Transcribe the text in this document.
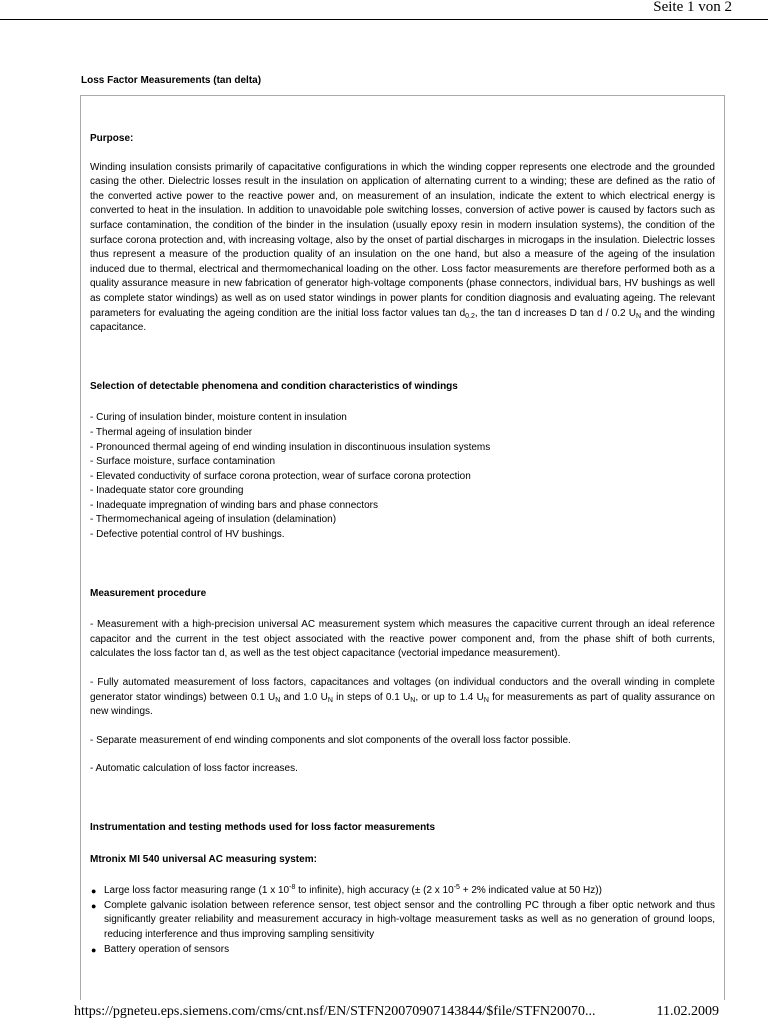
Seite 1 von 2
Loss Factor Measurements (tan delta)

Purpose:

Winding insulation consists primarily of capacitative configurations in which the winding copper represents one electrode and the grounded casing the other. Dielectric losses result in the insulation on application of alternating current to a winding; these are defined as the ratio of the converted active power to the reactive power and, on measurement of an insulation, indicate the extent to which electrical energy is converted to heat in the insulation. In addition to unavoidable pole switching losses, conversion of active power is caused by factors such as surface contamination, the condition of the binder in the insulation (usually epoxy resin in modern insulation systems), the condition of the surface corona protection and, with increasing voltage, also by the onset of partial discharges in microgaps in the insulation. Dielectric losses thus represent a measure of the production quality of an insulation on the one hand, but also a measure of the ageing of the insulation induced due to thermal, electrical and thermomechanical loading on the other. Loss factor measurements are therefore performed both as a quality assurance measure in new fabrication of generator high-voltage components (phase connectors, individual bars, HV bushings as well as complete stator windings) as well as on used stator windings in power plants for condition diagnosis and evaluating ageing. The relevant parameters for evaluating the ageing condition are the initial loss factor values $\tan d_{0.2}$, the tan d increases D tan d / 0.2 $U_N$ and the winding capacitance.

Selection of detectable phenomena and condition characteristics of windings

- Curing of insulation binder, moisture content in insulation
- Thermal ageing of insulation binder
- Pronounced thermal ageing of end winding insulation in discontinuous insulation systems
- Surface moisture, surface contamination
- Elevated conductivity of surface corona protection, wear of surface corona protection
- Inadequate stator core grounding
- Inadequate impregnation of winding bars and phase connectors
- Thermomechanical ageing of insulation (delamination)
- Defective potential control of HV bushings.

Measurement procedure

- Measurement with a high-precision universal AC measurement system which measures the capacitive current through an ideal reference capacitor and the current in the test object associated with the reactive power component and, from the phase shift of both currents, calculates the loss factor tan d, as well as the test object capacitance (vectorial impedance measurement).

- Fully automated measurement of loss factors, capacitances and voltages (on individual conductors and the overall winding in complete generator stator windings) between 0.1 $U_N$ and 1.0 $U_N$ in steps of 0.1 $U_N$, or up to 1.4 $U_N$ for measurements as part of quality assurance on new windings.

- Separate measurement of end winding components and slot components of the overall loss factor possible.

- Automatic calculation of loss factor increases.

Instrumentation and testing methods used for loss factor measurements

Mtronix MI 540 universal AC measuring system:

● Large loss factor measuring range (1 x $10^{-8}$ to infinite), high accuracy (± (2 x $10^{-5} + 2\%$ indicated value at 50 Hz))
● Complete galvanic isolation between reference sensor, test object sensor and the controlling PC through a fiber optic network and thus significantly greater reliability and measurement accuracy in high-voltage measurement tasks as well as no generation of ground loops, reducing interference and thus improving sampling sensitivity
● Battery operation of sensors
https://pgneteu.eps.siemens.com/cms/cnt.nsf/EN/STFN20070907143844/$file/STFN20070...	11.02.2009
